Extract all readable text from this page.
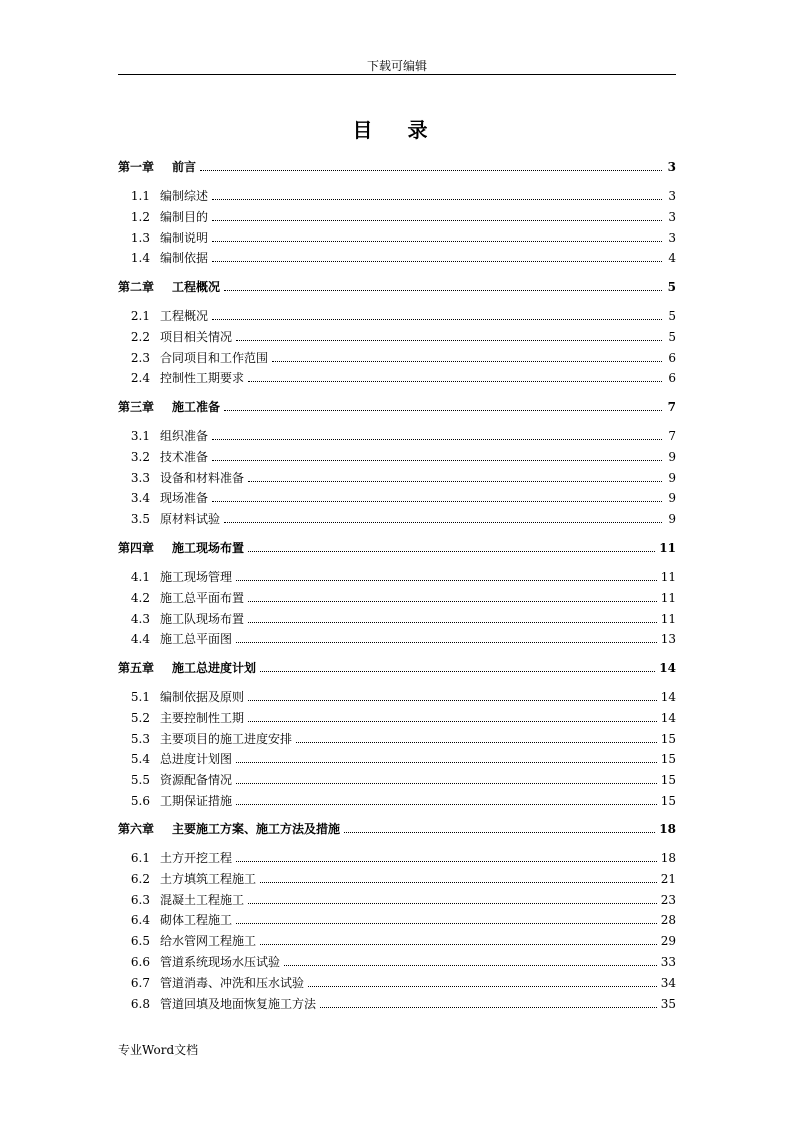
下载可编辑
目 录
第一章	前言	3
1.1 编制综述	3
1.2 编制目的	3
1.3 编制说明	3
1.4 编制依据	4
第二章	工程概况	5
2.1 工程概况	5
2.2 项目相关情况	5
2.3 合同项目和工作范围	6
2.4 控制性工期要求	6
第三章	施工准备	7
3.1 组织准备	7
3.2 技术准备	9
3.3 设备和材料准备	9
3.4 现场准备	9
3.5 原材料试验	9
第四章	施工现场布置	11
4.1 施工现场管理	11
4.2 施工总平面布置	11
4.3 施工队现场布置	11
4.4 施工总平面图	13
第五章	施工总进度计划	14
5.1 编制依据及原则	14
5.2 主要控制性工期	14
5.3 主要项目的施工进度安排	15
5.4 总进度计划图	15
5.5 资源配备情况	15
5.6 工期保证措施	15
第六章	主要施工方案、施工方法及措施	18
6.1 土方开挖工程	18
6.2 土方填筑工程施工	21
6.3 混凝土工程施工	23
6.4 砌体工程施工	28
6.5 给水管网工程施工	29
6.6 管道系统现场水压试验	33
6.7 管道消毒、冲洗和压水试验	34
6.8 管道回填及地面恢复施工方法	35
专业Word文档
